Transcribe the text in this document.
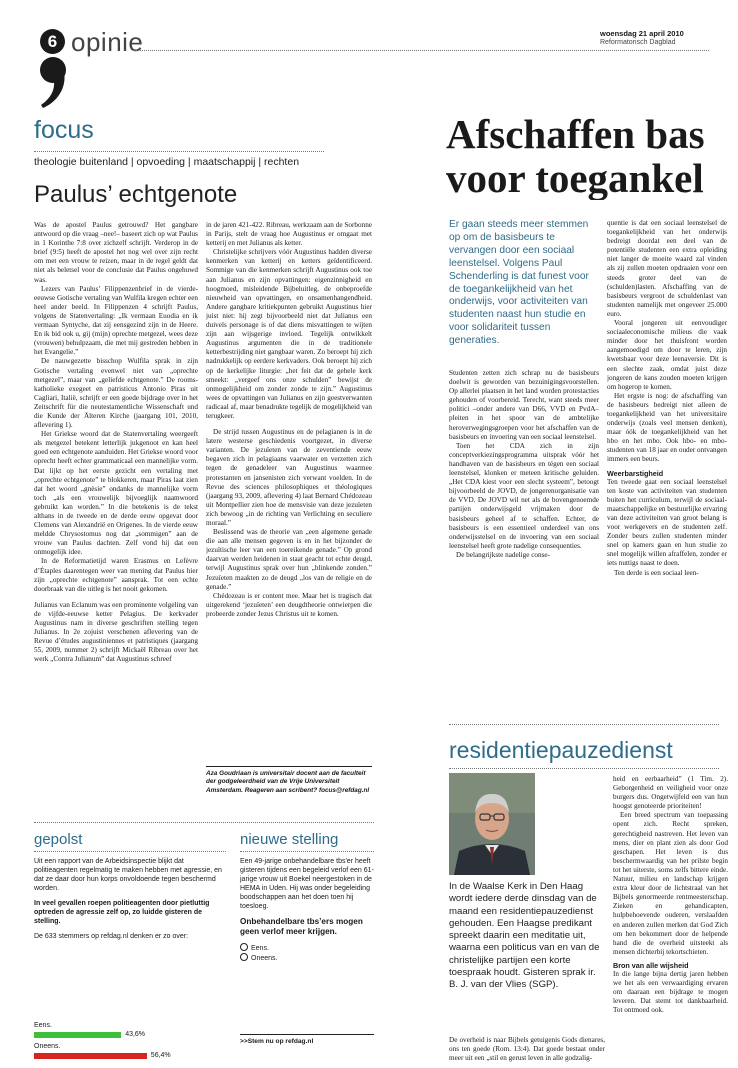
6 opinie	woensdag 21 april 2010
Reformatorisch Dagblad
focus
theologie buitenland | opvoeding | maatschappij | rechten
Paulus’ echtgenote

Was de apostel Paulus getrouwd? Het gangbare antwoord op die vraag –nee!– baseert zich op wat Paulus in 1 Korinthe 7:8 over zichzelf schrijft. Verderop in de brief (9:5) heeft de apostel het nog wel over zijn recht om met een vrouw te reizen, maar in de regel geldt dat niet als beletsel voor de conclusie dat Paulus ongehuwd was.

Lezers van Paulus’ Filippenzenbrief in de vierde-eeuwse Gotische vertaling van Wulfila kregen echter een heel ander beeld. In Filippenzen 4 schrijft Paulus, volgens de Statenvertaling: „Ik vermaan Euodia en ik vermaan Syntyche, dat zij eensgezind zijn in de Heere. En ik bid ook u, gij (mijn) oprechte metgezel, wees deze (vrouwen) behulpzaam, die met mij gestreden hebben in het Evangelie.”

De nauwgezette bisschop Wulfila sprak in zijn Gotische vertaling evenwel niet van „oprechte metgezel”, maar van „geliefde echtgenote.” De rooms-katholieke exegeet en patristicus Antonio Piras uit Cagliari, Italië, schrijft er een goede bijdrage over in het Zeitschrift für die neutestamentliche Wissenschaft und die Kunde der Älteren Kirche (jaargang 101, 2010, aflevering 1).

Het Griekse woord dat de Statenvertaling weergeeft als metgezel betekent letterlijk jukgenoot en kan heel goed een echtgenote aanduiden. Het Griekse woord voor oprecht heeft echter grammaticaal een mannelijke vorm. Dat lijkt op het eerste gezicht een vertaling met „oprechte echtgenote” te blokkeren, maar Piras laat zien dat het woord „gnèsie” ondanks de mannelijke vorm toch „als een vrouwelijk bijvoeglijk naamwoord gebruikt kan worden.” In die betekenis is de tekst althans in de tweede en de derde eeuw opgevat door Clemens van Alexandrië en Origenes. In de vierde eeuw meldde Chrysostomus nog dat „sommigen” aan de vrouw van Paulus dachten. Zelf vond hij dat een onmogelijk idee.

In de Reformatietijd waren Erasmus en Lefèvre d’Étaples daarentegen weer van mening dat Paulus hier zijn „oprechte echtgenote” aansprak. Tot een echte doorbraak van die uitleg is het nooit gekomen.

Julianus van Eclanum was een prominente volgeling van de vijfde-eeuwse ketter Pelagius. De kerkvader Augustinus nam in diverse geschriften stelling tegen Julianus. In 2e zojuist verschenen aflevering van de Revue d’études augustiniennes et patristiques (jaargang 55, 2009, nummer 2) schrijft Mickaël Ribreau over het werk „Contra Julianum” dat Augustinus schreef

in de jaren 421-422. Ribreau, werkzaam aan de Sorbonne in Parijs, stelt de vraag hoe Augustinus er omgaat met ketterij en met Julianus als ketter.

Christelijke schrijvers vóór Augustinus hadden diverse kenmerken van ketterij en ketters geïdentificeerd. Sommige van die kenmerken schrijft Augustinus ook toe aan Julianus en zijn opvattingen: eigenzinnigheid en hoogmoed, misleidende Bijbeluitleg, de onbeproefde nieuwheid van opvattingen, en onsamenhangendheid. Andere gangbare kritiekpunten gebruikt Augustinus hier juist niet: hij zegt bijvoorbeeld niet dat Julianus een duivels personage is of dat diens misvattingen te wijten zijn aan wijsgerige invloed. Tegelijk ontwikkelt Augustinus argumenten die in de traditionele ketterbestrijding niet gangbaar waren. Zo beroept hij zich nadrukkelijk op eerdere kerkvaders. Ook beroept hij zich op de kerkelijke liturgie: „het feit dat de gehele kerk smeekt: „vergeef ons onze schulden” bewijst de onmogelijkheid om zonder zonde te zijn.” Augustinus wees de opvattingen van Julianus en zijn geestverwanten radicaal af, maar benadrukte tegelijk de mogelijkheid van terugkeer.

De strijd tussen Augustinus en de pelagianen is in de latere westerse geschiedenis voortgezet, in diverse varianten. De jezuïeten van de zeventiende eeuw begaven zich in pelagiaans vaarwater en verzetten zich tegen de genadeleer van Augustinus waarmee protestanten en jansenisten zich verwant voelden. In de Revue des sciences philosophiques et théologiques (jaargang 93, 2009, aflevering 4) laat Bernard Chédozeau uit Montpellier zien hoe de mensvisie van deze jezuïeten zich bewoog „in de richting van Verlichting en seculiere moraal.”

Beslissend was de theorie van „een algemene genade die aan alle mensen gegeven is en in het bijzonder de jezuïtische leer van een toereikende genade.” Op grond daarvan werden heidenen in staat geacht tot echte deugd, terwijl Augustinus sprak over hun „blinkende zonden.” Jezuïeten maakten zo de deugd „los van de religie en de genade.”

Chédozeau is er content mee. Maar het is tragisch dat uitgerekend ‘jezuïeten’ een deugdtheorie ontwierpen die probeerde zonder Jezus Christus uit te komen.

Aza Goudriaan is universitair docent aan de faculteit der godgeleerdheid van de Vrije Universiteit Amsterdam. Reageren aan scribent? focus@refdag.nl
Afschaffen bas
voor toegankel
Er gaan steeds meer stemmen op om de basisbeurs te vervangen door een sociaal leenstelsel. Volgens Paul Schenderling is dat funest voor de toegankelijkheid van het onderwijs, voor activiteiten van studenten naast hun studie en voor solidariteit tussen generaties.

Studenten zetten zich schrap nu de basisbeurs doelwit is geworden van bezuinigingsvoorstellen. Op allerlei plaatsen in het land worden protestacties gehouden of voorbereid. Terecht, want steeds meer politici –onder andere van D66, VVD en PvdA– pleiten in het spoor van de ambtelijke heroverwegingsgroepen voor het afschaffen van de basisbeurs en invoering van een sociaal leenstelsel.

Toen het CDA zich in zijn conceptverkiezingsprogramma uitsprak vóór het handhaven van de basisbeurs en tégen een sociaal leenstelsel, klonken er meteen kritische geluiden. „Het CDA kiest voor een slecht systeem”, betoogt bijvoorbeeld de JOVD, de jongerenorganisatie van de VVD. De JOVD wil net als de bovengenoemde partijen onderwijsgeld vrijmaken door de basisbeurs geheel af te schaffen. Echter, de basisbeurs is een essentieel onderdeel van ons onderwijsstelsel en de invoering van een sociaal leenstelsel heeft grote nadelige consequenties.

De belangrijkste nadelige conse-

quentie is dat een sociaal leenstelsel de toegankelijkheid van het onderwijs bedreigt doordat een deel van de potentiële studenten een extra opleiding niet langer de moeite waard zal vinden als zij zullen moeten opdraaien voor een steeds groter deel van de (schulden)lasten. Afschaffing van de basisbeurs vergroot de schuldenlast van studenten namelijk met ongeveer 25.000 euro.

Vooral jongeren uit eenvoudiger sociaaleconomische milieus die vaak minder door het thuisfront worden aangemoedigd om door te leren, zijn kwetsbaar voor deze leenaversie. Dit is een slechte zaak, omdat juist deze jongeren de kans zouden moeten krijgen om hogerop te komen.

Het ergste is nog: de afschaffing van de basisbeurs bedreigt niet alleen de toegankelijkheid van het universitaire onderwijs (zoals veel mensen denken), maar óók de toegankelijkheid van het hbo en het mbo. Ook hbo- en mbo-studenten van 18 jaar en ouder ontvangen immers een beurs.

Weerbarstigheid

Ten tweede gaat een sociaal leenstelsel ten koste van activiteiten van studenten buiten het curriculum, terwijl de sociaal-maatschappelijke en bestuurlijke ervaring van deze activiteiten van groot belang is voor werkgevers en de studenten zelf. Zonder beurs zullen studenten minder snel op kamers gaan en hun studie zo snel mogelijk willen afraffelen, zonder er iets nuttigs naast te doen.

Ten derde is een sociaal leen-

residentiepauzedienst
In de Waalse Kerk in Den Haag wordt iedere derde dinsdag van de maand een residentiepauzedienst gehouden. Een Haagse predikant spreekt daarin een meditatie uit, waarna een politicus van en van de christelijke partijen een korte toespraak houdt. Gisteren sprak ir. B. J. van der Vlies (SGP).

De overheid is naar Bijbels getuigenis Gods dienares, ons ten goede (Rom. 13:4). Dat goede bestaat onder meer uit een „stil en gerust leven in alle godzalig-

heid en eerbaarheid” (1 Tim. 2). Geborgenheid en veiligheid voor onze burgers dus. Ongetwijfeld een van hun hoogst genoteerde prioriteiten!

Een breed spectrum van toepassing opent zich. Recht spreken, gerechtigheid nastreven. Het leven van mens, dier en plant zien als door God geschapen. Het leven is dus beschermwaardig van het prilste begin tot het uiterste, soms zelfs bittere einde. Natuur, milieu en landschap krijgen extra kleur door de lichtstraal van het Bijbels genormeerde rentmeesterschap. Zieken en gehandicapten, hulpbehoevende ouderen, verslaafden en anderen zullen merken dat God Zich om hen bekommert door de helpende hand die de overheid uitsteekt als mensen dichterbij tekortschieten.

Bron van alle wijsheid

In die lange bijna dertig jaren hebben we het als een verwaardiging ervaren om daaraan een bijdrage te mogen leveren. Dat stemt tot dankbaarheid. Tot ontmoed ook.

gepolst

Uit een rapport van de Arbeidsinspectie blijkt dat politieagenten regelmatig te maken hebben met agressie, en dat ze daar door hun korps onvoldoende tegen beschermd worden.

In veel gevallen roepen politieagenten door pietluttig optreden de agressie zelf op, zo luidde gisteren de stelling.

De 633 stemmers op refdag.nl denken er zo over:

Eens.
43,6%
Oneens.
56,4%
nieuwe stelling

Een 49-jarige onbehandelbare tbs'er heeft gisteren tijdens een begeleid verlof een 61-jarige vrouw uit Boekel neergestoken in de HEMA in Uden. Hij was onder begeleiding boodschappen aan het doen toen hij toesloeg.

Onbehandelbare tbs’ers mogen geen verlof meer krijgen.

Eens.
Oneens.
>>Stem nu op refdag.nl
